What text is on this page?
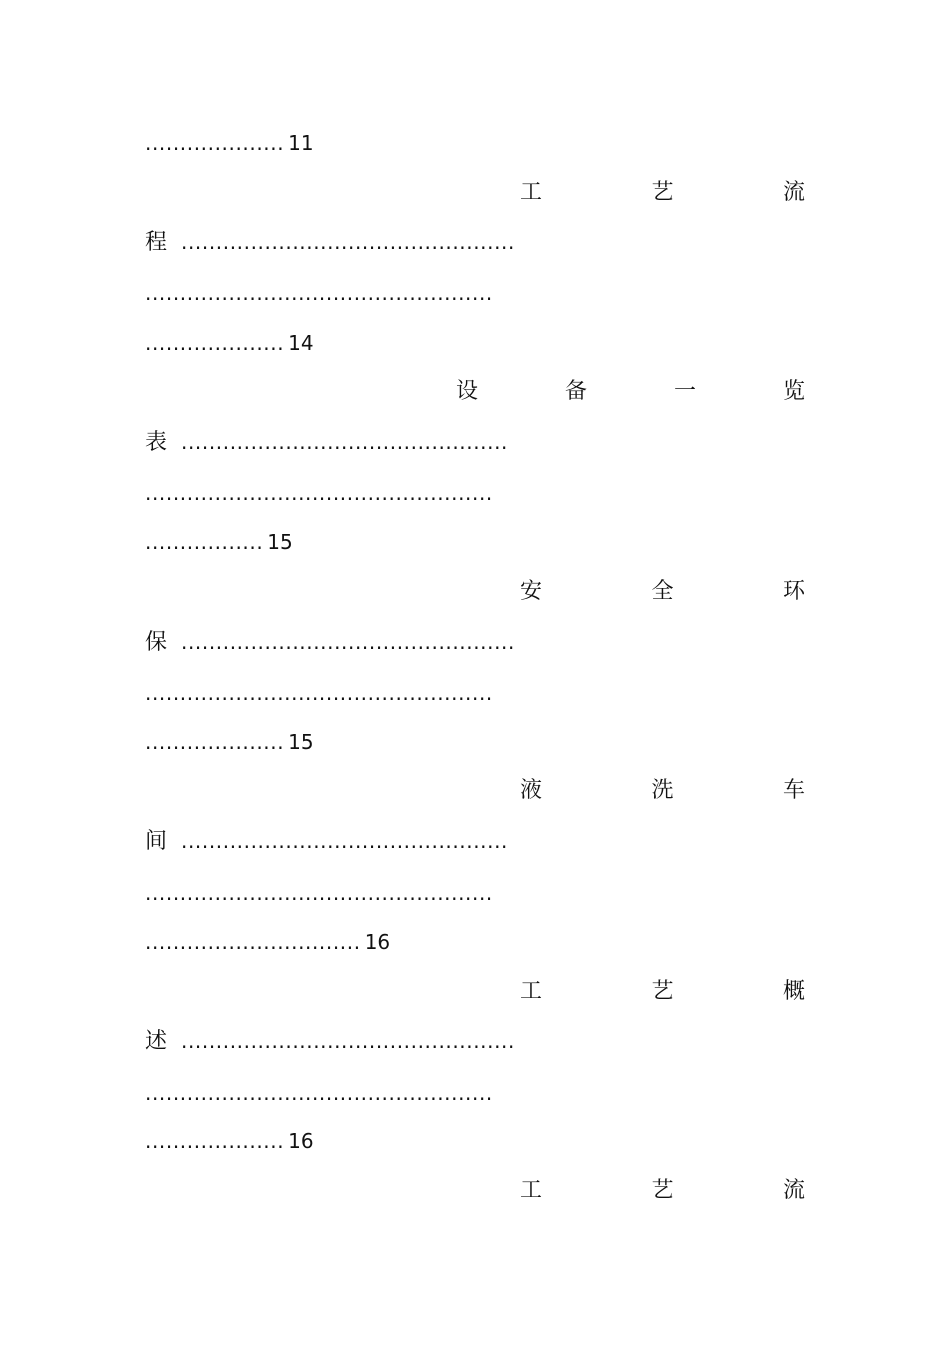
.................... 11
工	艺	流
程 ................................................
..................................................
.................... 14
设	备	一	览
表 ...............................................
..................................................
................. 15
安	全	环
保 ................................................
..................................................
.................... 15
液	洗	车
间 ...............................................
..................................................
............................... 16
工	艺	概
述 ................................................
..................................................
.................... 16
工	艺	流
